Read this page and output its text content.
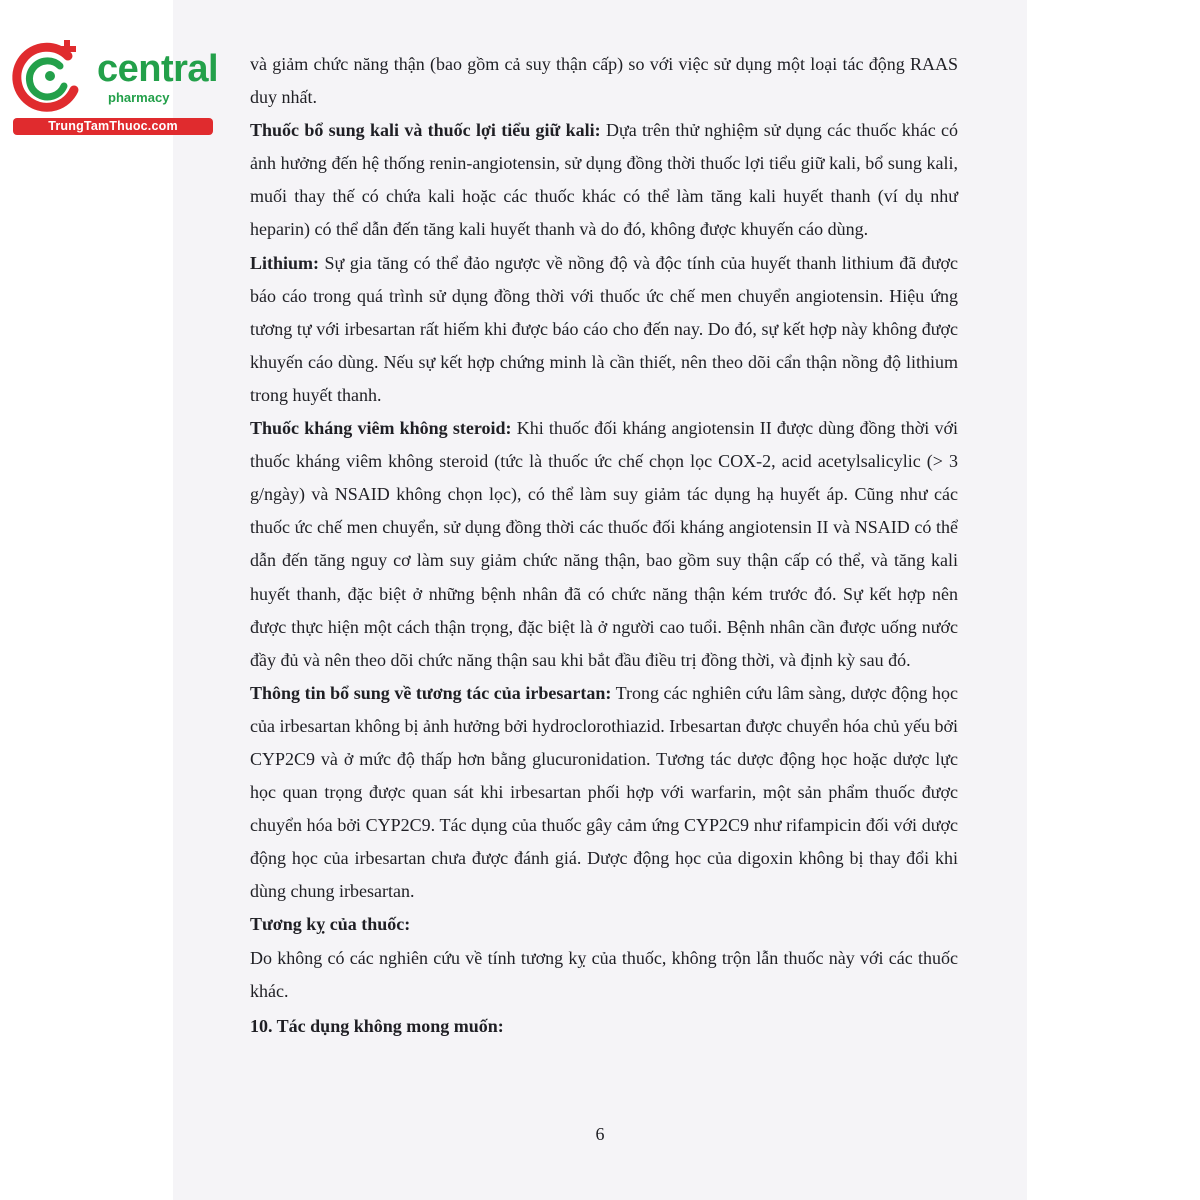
central
pharmacy
TrungTamThuoc.com

và giảm chức năng thận (bao gồm cả suy thận cấp) so với việc sử dụng một loại tác động RAAS duy nhất.

Thuốc bổ sung kali và thuốc lợi tiểu giữ kali: Dựa trên thử nghiệm sử dụng các thuốc khác có ảnh hưởng đến hệ thống renin-angiotensin, sử dụng đồng thời thuốc lợi tiểu giữ kali, bổ sung kali, muối thay thế có chứa kali hoặc các thuốc khác có thể làm tăng kali huyết thanh (ví dụ như heparin) có thể dẫn đến tăng kali huyết thanh và do đó, không được khuyến cáo dùng.

Lithium: Sự gia tăng có thể đảo ngược về nồng độ và độc tính của huyết thanh lithium đã được báo cáo trong quá trình sử dụng đồng thời với thuốc ức chế men chuyển angiotensin. Hiệu ứng tương tự với irbesartan rất hiếm khi được báo cáo cho đến nay. Do đó, sự kết hợp này không được khuyến cáo dùng. Nếu sự kết hợp chứng minh là cần thiết, nên theo dõi cẩn thận nồng độ lithium trong huyết thanh.

Thuốc kháng viêm không steroid: Khi thuốc đối kháng angiotensin II được dùng đồng thời với thuốc kháng viêm không steroid (tức là thuốc ức chế chọn lọc COX-2, acid acetylsalicylic (> 3 g/ngày) và NSAID không chọn lọc), có thể làm suy giảm tác dụng hạ huyết áp. Cũng như các thuốc ức chế men chuyển, sử dụng đồng thời các thuốc đối kháng angiotensin II và NSAID có thể dẫn đến tăng nguy cơ làm suy giảm chức năng thận, bao gồm suy thận cấp có thể, và tăng kali huyết thanh, đặc biệt ở những bệnh nhân đã có chức năng thận kém trước đó. Sự kết hợp nên được thực hiện một cách thận trọng, đặc biệt là ở người cao tuổi. Bệnh nhân cần được uống nước đầy đủ và nên theo dõi chức năng thận sau khi bắt đầu điều trị đồng thời, và định kỳ sau đó.

Thông tin bổ sung về tương tác của irbesartan: Trong các nghiên cứu lâm sàng, dược động học của irbesartan không bị ảnh hưởng bởi hydroclorothiazid. Irbesartan được chuyển hóa chủ yếu bởi CYP2C9 và ở mức độ thấp hơn bằng glucuronidation. Tương tác dược động học hoặc dược lực học quan trọng được quan sát khi irbesartan phối hợp với warfarin, một sản phẩm thuốc được chuyển hóa bởi CYP2C9. Tác dụng của thuốc gây cảm ứng CYP2C9 như rifampicin đối với dược động học của irbesartan chưa được đánh giá. Dược động học của digoxin không bị thay đổi khi dùng chung irbesartan.

Tương kỵ của thuốc:

Do không có các nghiên cứu về tính tương kỵ của thuốc, không trộn lẫn thuốc này với các thuốc khác.

10. Tác dụng không mong muốn:

6
